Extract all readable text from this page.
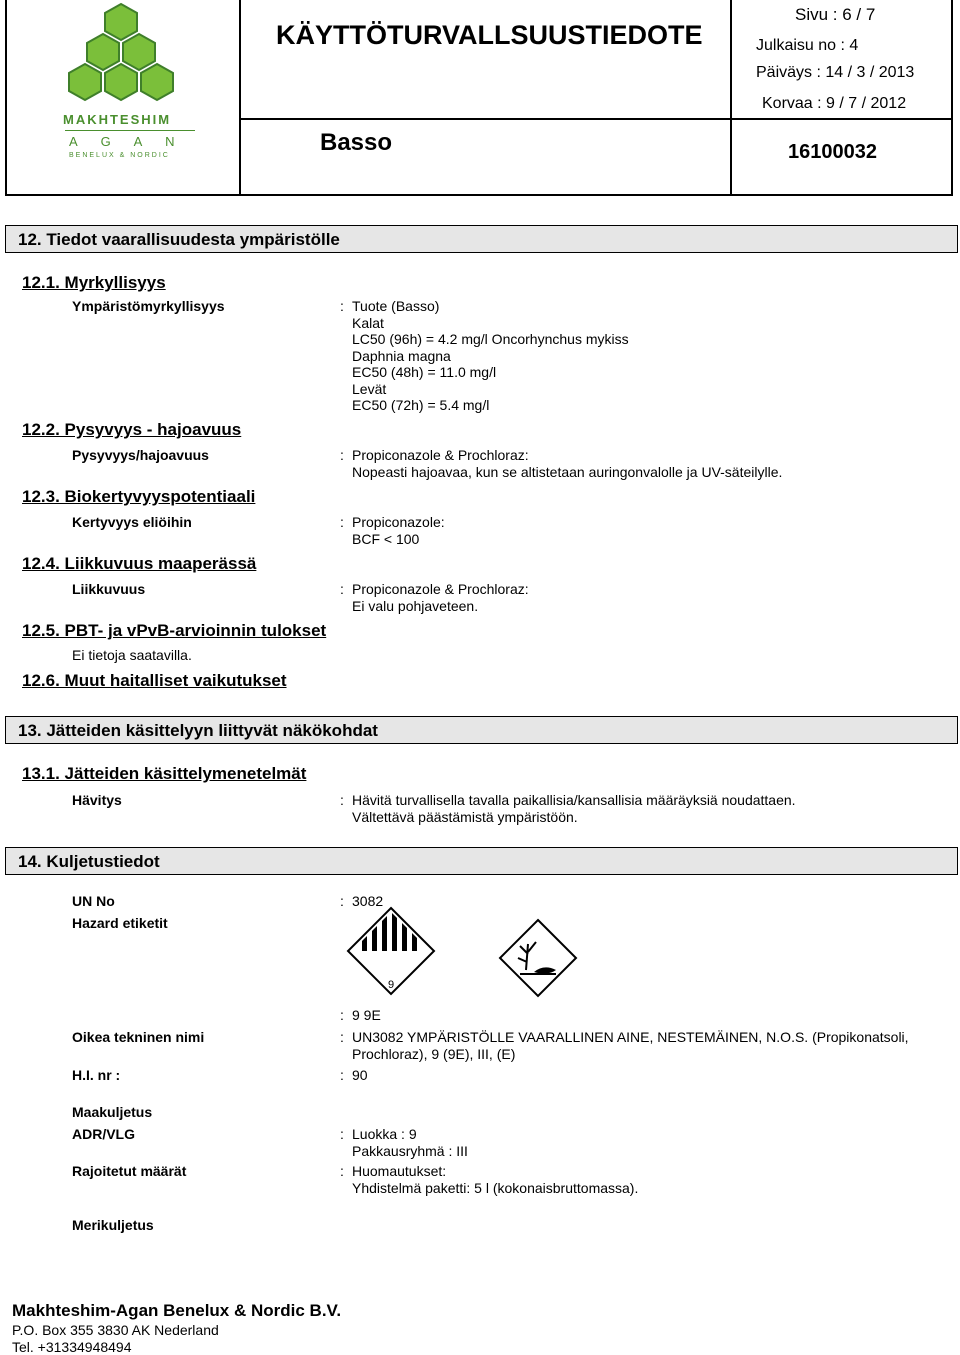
MAKHTESHIM
A G A N
BENELUX & NORDIC
KÄYTTÖTURVALLSUUSTIEDOTE
Sivu : 6 / 7
Julkaisu no : 4
Päiväys : 14 / 3 / 2013
Korvaa : 9 / 7 / 2012
Basso	16100032
12. Tiedot vaarallisuudesta ympäristölle
12.1. Myrkyllisyys
Ympäristömyrkyllisyys	: Tuote (Basso)
Kalat
LC50 (96h) = 4.2 mg/l Oncorhynchus mykiss
Daphnia magna
EC50 (48h) = 11.0 mg/l
Levät
EC50 (72h) = 5.4 mg/l
12.2. Pysyvyys - hajoavuus
Pysyvyys/hajoavuus	: Propiconazole & Prochloraz:
Nopeasti hajoavaa, kun se altistetaan auringonvalolle ja UV-säteilylle.
12.3. Biokertyvyyspotentiaali
Kertyvyys eliöihin	: Propiconazole:
BCF < 100
12.4. Liikkuvuus maaperässä
Liikkuvuus	: Propiconazole & Prochloraz:
Ei valu pohjaveteen.
12.5. PBT- ja vPvB-arvioinnin tulokset
Ei tietoja saatavilla.
12.6. Muut haitalliset vaikutukset
13. Jätteiden käsittelyyn liittyvät näkökohdat
13.1. Jätteiden käsittelymenetelmät
Hävitys	: Hävitä turvallisella tavalla paikallisia/kansallisia määräyksiä noudattaen.
Vältettävä päästämistä ympäristöön.
14. Kuljetustiedot
UN No	: 3082
Hazard etiketit
9
: 9 9E
Oikea tekninen nimi	: UN3082 YMPÄRISTÖLLE VAARALLINEN AINE, NESTEMÄINEN, N.O.S. (Propikonatsoli,
Prochloraz), 9 (9E), III, (E)
H.I. nr :	: 90
Maakuljetus
ADR/VLG	: Luokka : 9
Pakkausryhmä : III
Rajoitetut määrät	: Huomautukset:
Yhdistelmä paketti: 5 l (kokonaisbruttomassa).
Merikuljetus
Makhteshim-Agan Benelux & Nordic B.V.
P.O. Box 355 3830 AK Nederland
Tel. +31334948494
